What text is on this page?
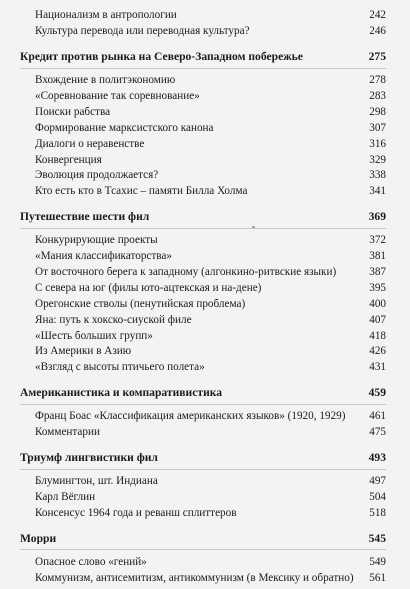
Национализм в антропологии	242
Культура перевода или переводная культура?	246
Кредит против рынка на Северо-Западном побережье	275
Вхождение в политэкономию	278
«Соревнование так соревнование»	283
Поиски рабства	298
Формирование марксистского канона	307
Диалоги о неравенстве	316
Конвергенция	329
Эволюция продолжается?	338
Кто есть кто в Тсахис – памяти Билла Холма	341
Путешествие шести фил	369
Конкурирующие проекты	372
«Мания классификаторства»	381
От восточного берега к западному (алгонкино-ритвские языки)	387
С севера на юг (филы юто-ацтекская и на-дене)	395
Орегонские стволы (пенутийская проблема)	400
Яна: путь к хокско-сиуской филе	407
«Шесть больших групп»	418
Из Америки в Азию	426
«Взгляд с высоты птичьего полета»	431
Американистика и компаративистика	459
Франц Боас «Классификация американских языков» (1920, 1929)	461
Комментарии	475
Триумф лингвистики фил	493
Блумингтон, шт. Индиана	497
Карл Вёглин	504
Консенсус 1964 года и реванш сплиттеров	518
Морри	545
Опасное слово «гений»	549
Коммунизм, антисемитизм, антикоммунизм (в Мексику и обратно)	561
